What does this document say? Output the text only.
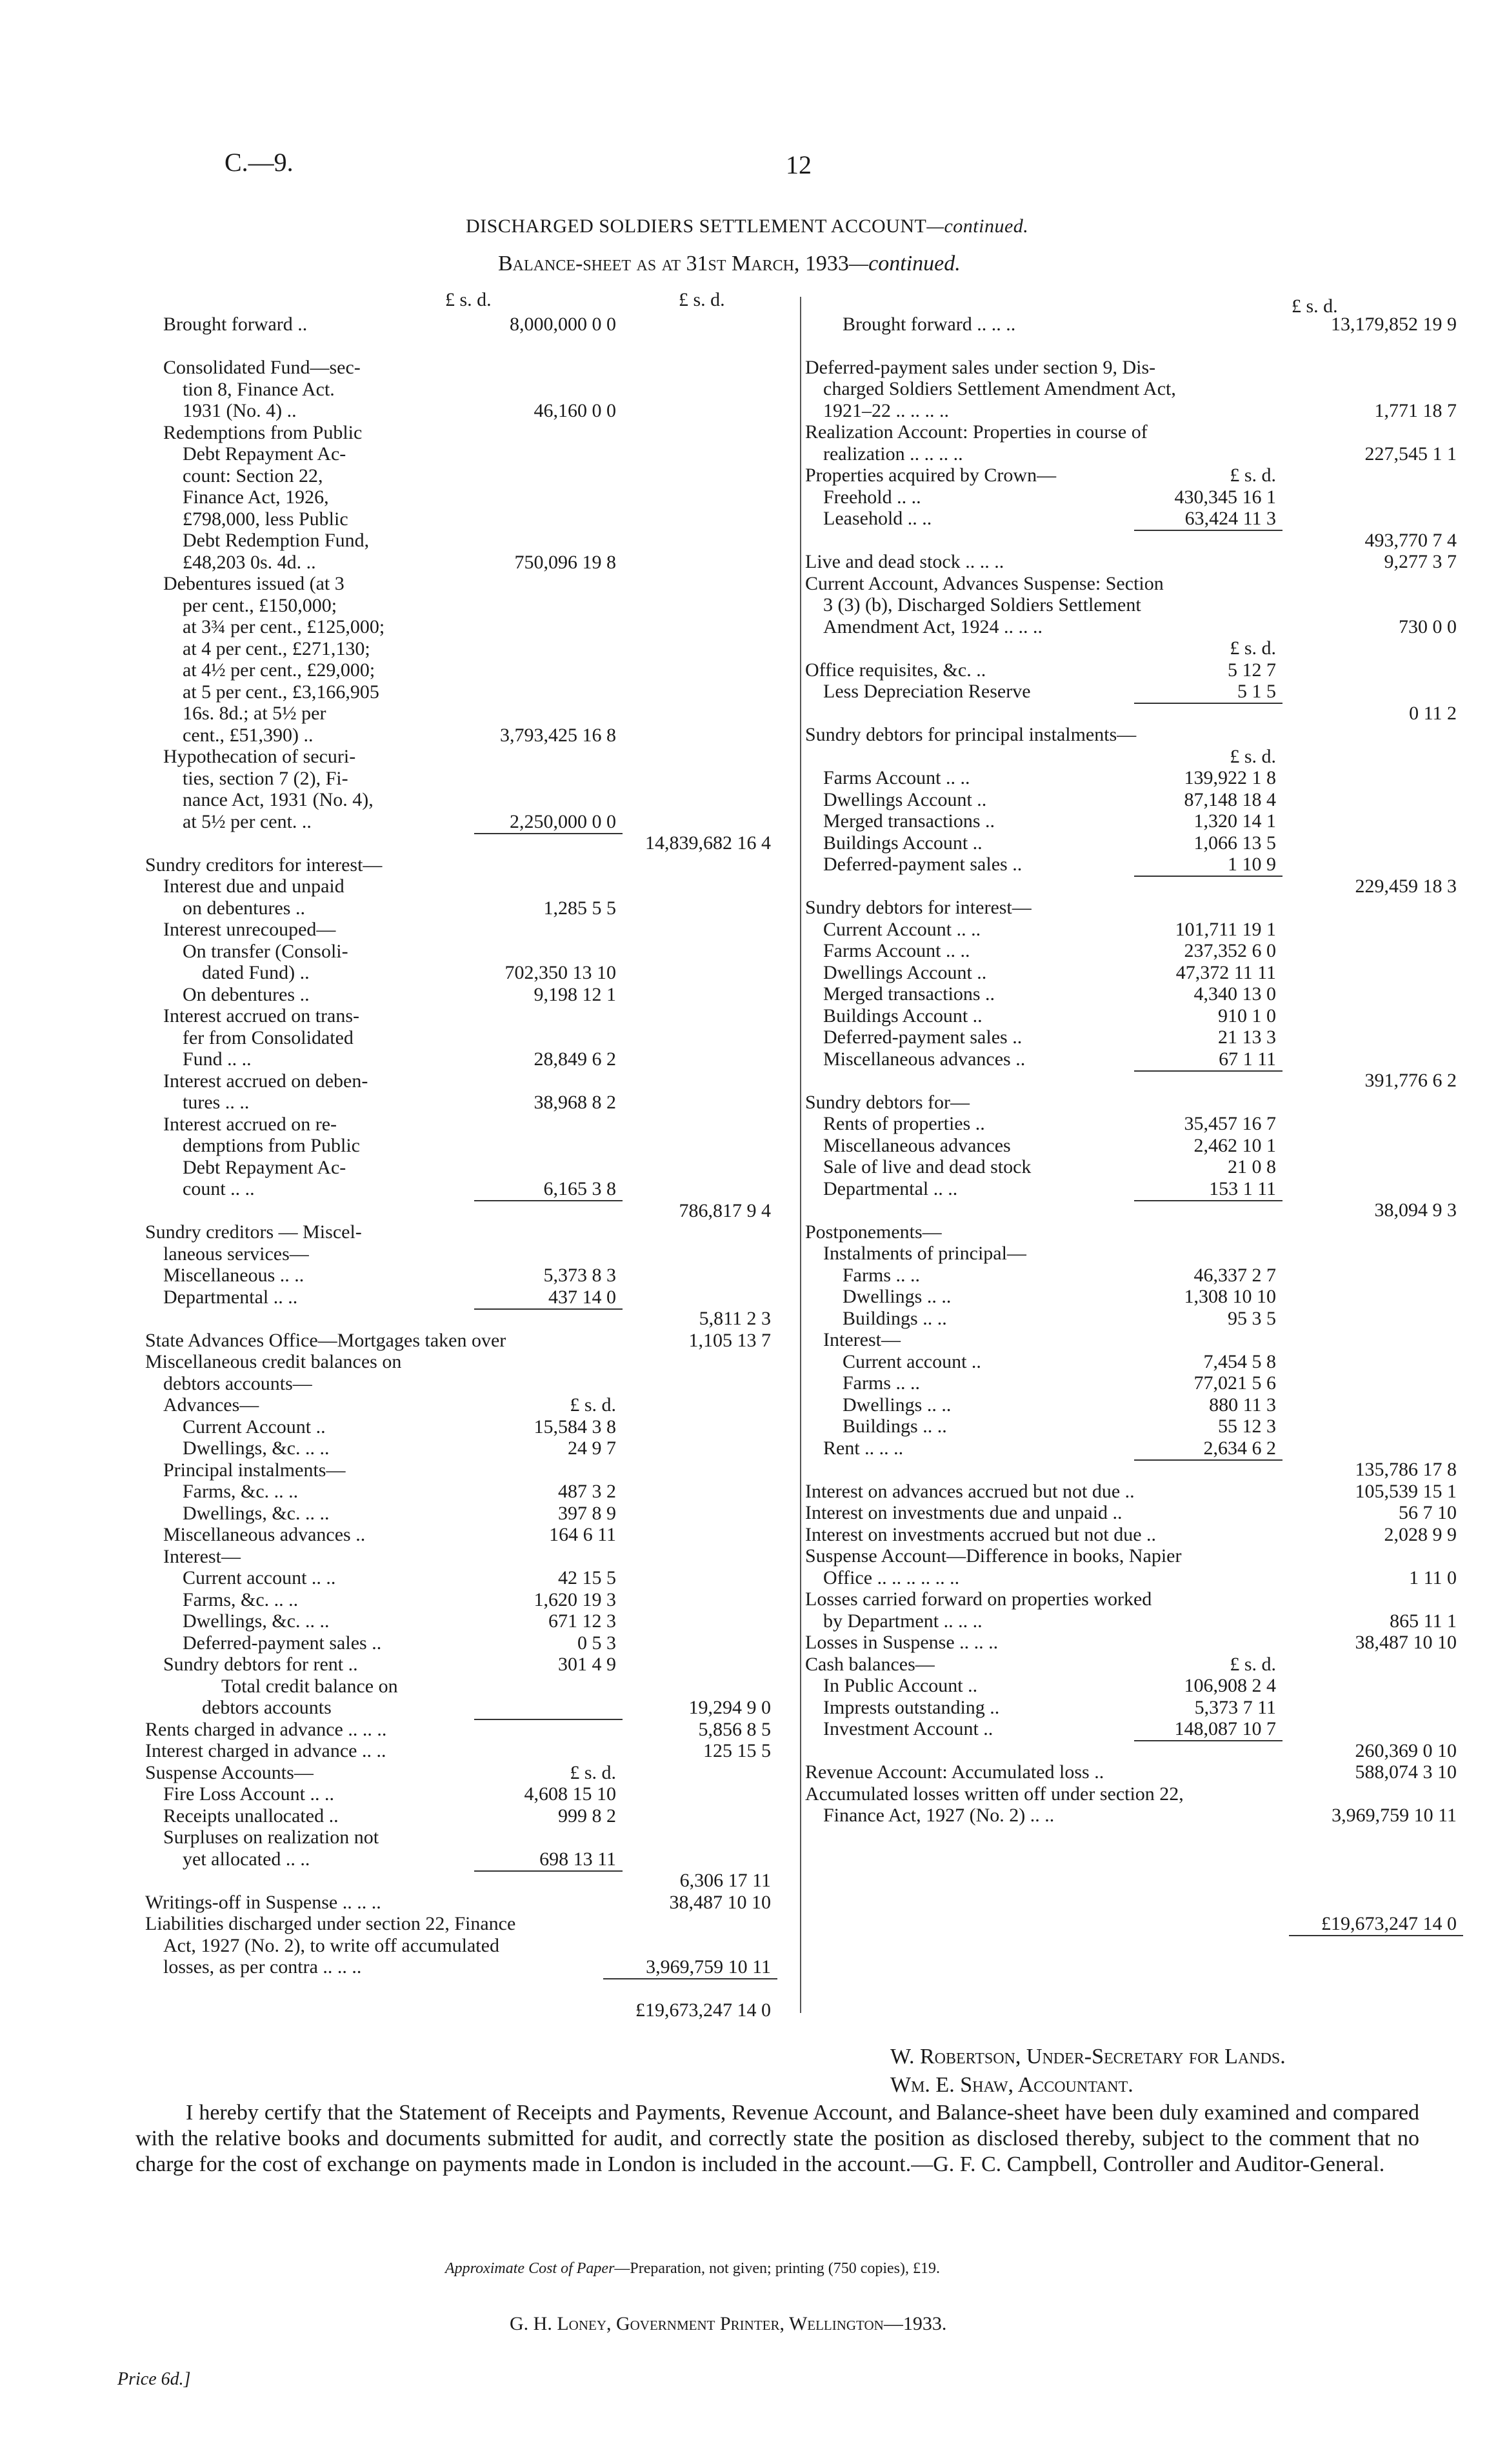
C.—9.	12
DISCHARGED SOLDIERS SETTLEMENT ACCOUNT—continued.
Balance-sheet as at 31st March, 1933—continued.
£ s. d.	£ s. d.	£ s. d.
Brought forward ..	8,000,000 0 0
Consolidated Fund—sec-
tion 8, Finance Act.
1931 (No. 4) ..	46,160 0 0
Redemptions from Public
Debt Repayment Ac-
count: Section 22,
Finance Act, 1926,
£798,000, less Public
Debt Redemption Fund,
£48,203 0s. 4d. ..	750,096 19 8
Debentures issued (at 3
per cent., £150,000;
at 3¾ per cent., £125,000;
at 4 per cent., £271,130;
at 4½ per cent., £29,000;
at 5 per cent., £3,166,905
16s. 8d.; at 5½ per
cent., £51,390) ..	3,793,425 16 8
Hypothecation of securi-
ties, section 7 (2), Fi-
nance Act, 1931 (No. 4),
at 5½ per cent. ..	2,250,000 0 0
14,839,682 16 4
Sundry creditors for interest—
Interest due and unpaid
on debentures ..	1,285 5 5
Interest unrecouped—
On transfer (Consoli-
dated Fund) ..	702,350 13 10
On debentures ..	9,198 12 1
Interest accrued on trans-
fer from Consolidated
Fund .. ..	28,849 6 2
Interest accrued on deben-
tures .. ..	38,968 8 2
Interest accrued on re-
demptions from Public
Debt Repayment Ac-
count .. ..	6,165 3 8
786,817 9 4
Sundry creditors — Miscel-
laneous services—
Miscellaneous .. ..	5,373 8 3
Departmental .. ..	437 14 0
5,811 2 3
State Advances Office—Mortgages taken over	1,105 13 7
Miscellaneous credit balances on
debtors accounts—
Advances—	£ s. d.
Current Account ..	15,584 3 8
Dwellings, &c. .. ..	24 9 7
Principal instalments—
Farms, &c. .. ..	487 3 2
Dwellings, &c. .. ..	397 8 9
Miscellaneous advances ..	164 6 11
Interest—
Current account .. ..	42 15 5
Farms, &c. .. ..	1,620 19 3
Dwellings, &c. .. ..	671 12 3
Deferred-payment sales ..	0 5 3
Sundry debtors for rent ..	301 4 9
Total credit balance on
debtors accounts	19,294 9 0
Rents charged in advance .. .. ..	5,856 8 5
Interest charged in advance .. ..	125 15 5
Suspense Accounts—	£ s. d.
Fire Loss Account .. ..	4,608 15 10
Receipts unallocated ..	999 8 2
Surpluses on realization not
yet allocated .. ..	698 13 11
6,306 17 11
Writings-off in Suspense .. .. ..	38,487 10 10
Liabilities discharged under section 22, Finance
Act, 1927 (No. 2), to write off accumulated
losses, as per contra .. .. ..	3,969,759 10 11
£19,673,247 14 0
Brought forward .. .. ..	13,179,852 19 9
Deferred-payment sales under section 9, Dis-
charged Soldiers Settlement Amendment Act,
1921–22 .. .. .. ..	1,771 18 7
Realization Account: Properties in course of
realization .. .. .. ..	227,545 1 1
Properties acquired by Crown—	£ s. d.
Freehold .. ..	430,345 16 1
Leasehold .. ..	63,424 11 3
493,770 7 4
Live and dead stock .. .. ..	9,277 3 7
Current Account, Advances Suspense: Section
3 (3) (b), Discharged Soldiers Settlement
Amendment Act, 1924 .. .. ..	730 0 0
£ s. d.
Office requisites, &c. ..	5 12 7
Less Depreciation Reserve	5 1 5
0 11 2
Sundry debtors for principal instalments—
£ s. d.
Farms Account .. ..	139,922 1 8
Dwellings Account ..	87,148 18 4
Merged transactions ..	1,320 14 1
Buildings Account ..	1,066 13 5
Deferred-payment sales ..	1 10 9
229,459 18 3
Sundry debtors for interest—
Current Account .. ..	101,711 19 1
Farms Account .. ..	237,352 6 0
Dwellings Account ..	47,372 11 11
Merged transactions ..	4,340 13 0
Buildings Account ..	910 1 0
Deferred-payment sales ..	21 13 3
Miscellaneous advances ..	67 1 11
391,776 6 2
Sundry debtors for—
Rents of properties ..	35,457 16 7
Miscellaneous advances	2,462 10 1
Sale of live and dead stock	21 0 8
Departmental .. ..	153 1 11
38,094 9 3
Postponements—
Instalments of principal—
Farms .. ..	46,337 2 7
Dwellings .. ..	1,308 10 10
Buildings .. ..	95 3 5
Interest—
Current account ..	7,454 5 8
Farms .. ..	77,021 5 6
Dwellings .. ..	880 11 3
Buildings .. ..	55 12 3
Rent .. .. ..	2,634 6 2
135,786 17 8
Interest on advances accrued but not due ..	105,539 15 1
Interest on investments due and unpaid ..	56 7 10
Interest on investments accrued but not due ..	2,028 9 9
Suspense Account—Difference in books, Napier
Office .. .. .. .. .. ..	1 11 0
Losses carried forward on properties worked
by Department .. .. ..	865 11 1
Losses in Suspense .. .. ..	38,487 10 10
Cash balances—	£ s. d.
In Public Account ..	106,908 2 4
Imprests outstanding ..	5,373 7 11
Investment Account ..	148,087 10 7
260,369 0 10
Revenue Account: Accumulated loss ..	588,074 3 10
Accumulated losses written off under section 22,
Finance Act, 1927 (No. 2) .. ..	3,969,759 10 11
£19,673,247 14 0
W. Robertson, Under-Secretary for Lands.
Wm. E. Shaw, Accountant.
I hereby certify that the Statement of Receipts and Payments, Revenue Account, and Balance-sheet have been duly examined and compared with the relative books and documents submitted for audit, and correctly state the position as disclosed thereby, subject to the comment that no charge for the cost of exchange on payments made in London is included in the account.—G. F. C. Campbell, Controller and Auditor-General.
Approximate Cost of Paper—Preparation, not given; printing (750 copies), £19.
G. H. Loney, Government Printer, Wellington—1933.
Price 6d.]
